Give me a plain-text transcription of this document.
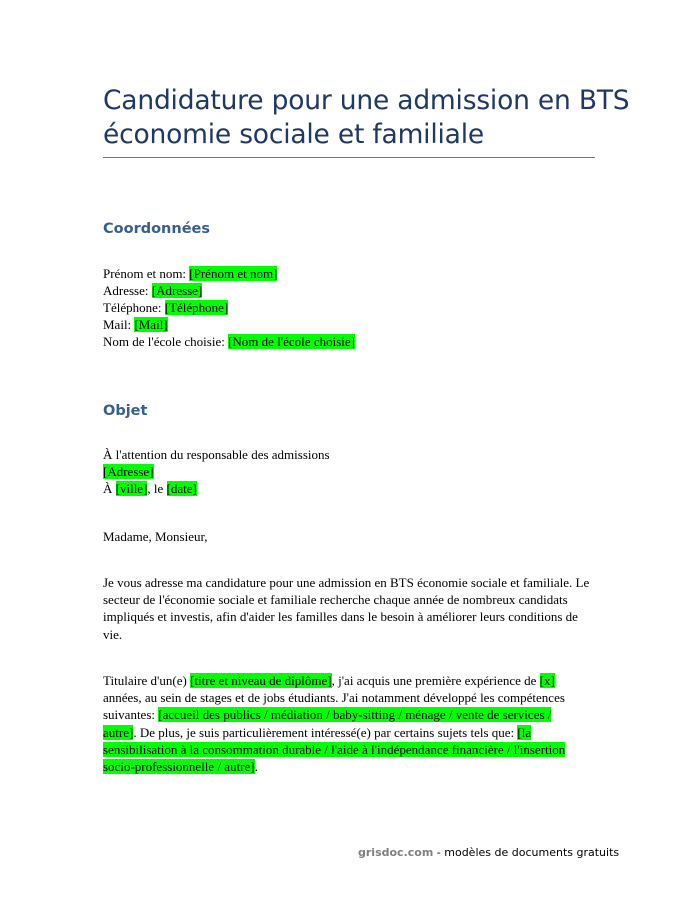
Candidature pour une admission en BTS
économie sociale et familiale
Coordonnées
Prénom et nom: [Prénom et nom]
Adresse: [Adresse]
Téléphone: [Téléphone]
Mail: [Mail]
Nom de l'école choisie: [Nom de l'école choisie]
Objet
À l'attention du responsable des admissions
[Adresse]
À [ville], le [date]
Madame, Monsieur,
Je vous adresse ma candidature pour une admission en BTS économie sociale et familiale. Le
secteur de l'économie sociale et familiale recherche chaque année de nombreux candidats
impliqués et investis, afin d'aider les familles dans le besoin à améliorer leurs conditions de
vie.
Titulaire d'un(e) [titre et niveau de diplôme], j'ai acquis une première expérience de [x]
années, au sein de stages et de jobs étudiants. J'ai notamment développé les compétences
suivantes: [accueil des publics / médiation / baby-sitting / ménage / vente de services /
autre]. De plus, je suis particulièrement intéressé(e) par certains sujets tels que: [la
sensibilisation à la consommation durable / l'aide à l'indépendance financière / l'insertion
socio-professionnelle / autre].
grisdoc.com - modèles de documents gratuits
